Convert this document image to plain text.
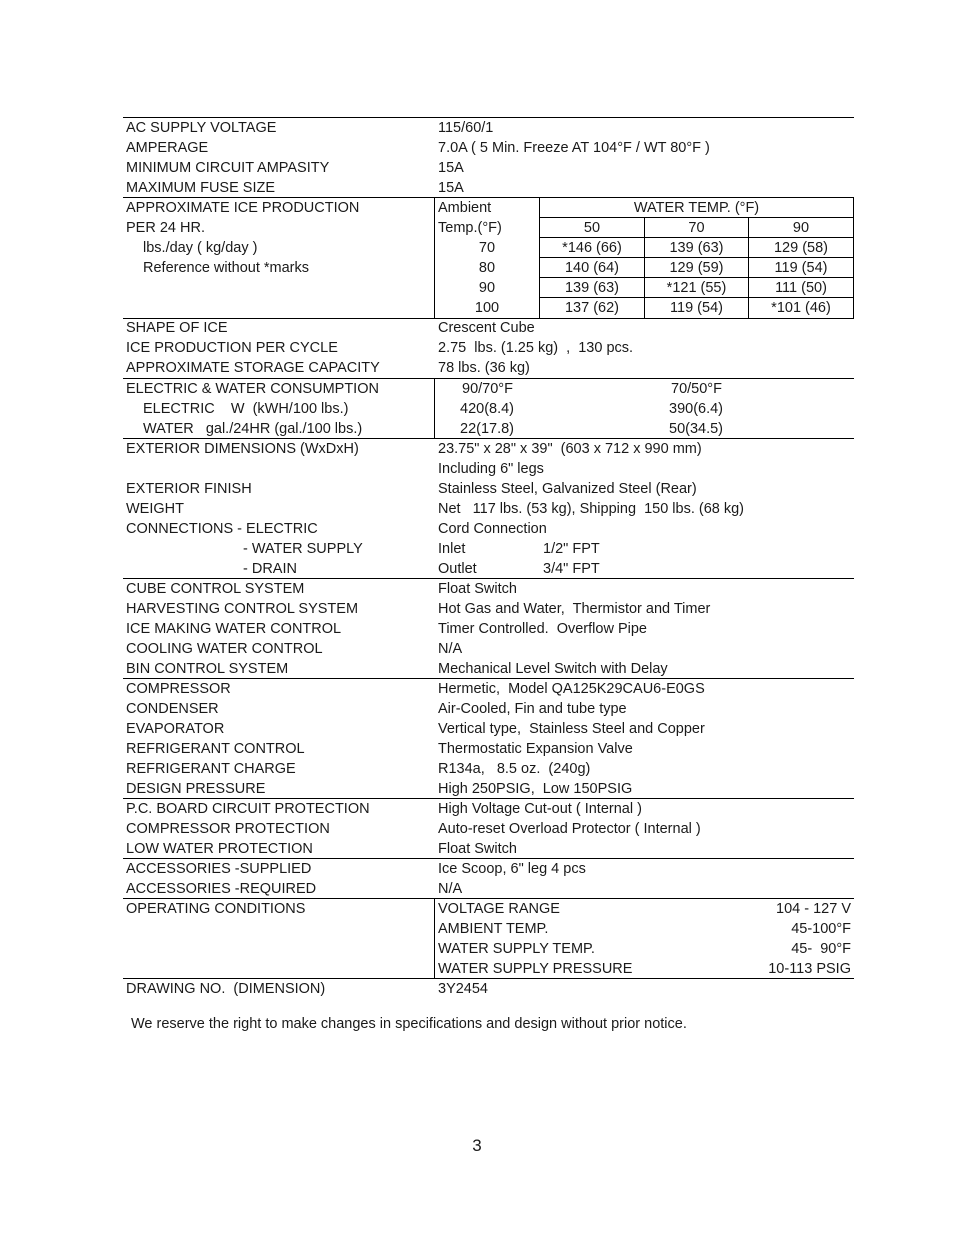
AC SUPPLY VOLTAGE	115/60/1
AMPERAGE	7.0A ( 5 Min. Freeze AT 104°F / WT 80°F )
MINIMUM CIRCUIT AMPASITY	15A
MAXIMUM FUSE SIZE	15A
APPROXIMATE ICE PRODUCTION
PER 24 HR.
lbs./day ( kg/day )
Reference without *marks
Ambient
Temp.(°F)
WATER TEMP. (°F)
50	70	90
70	*146 (66)	139 (63)	129 (58)
80	140 (64)	129 (59)	119 (54)
90	139 (63)	*121 (55)	111 (50)
100	137 (62)	119 (54)	*101 (46)
SHAPE OF ICE	Crescent Cube
ICE PRODUCTION PER CYCLE	2.75  lbs. (1.25 kg)  ,  130 pcs.
APPROXIMATE STORAGE CAPACITY	78 lbs. (36 kg)
ELECTRIC & WATER CONSUMPTION	90/70°F	70/50°F
ELECTRIC    W  (kWH/100 lbs.)	420(8.4)	390(6.4)
WATER   gal./24HR (gal./100 lbs.)	22(17.8)	50(34.5)
EXTERIOR DIMENSIONS (WxDxH)	23.75" x 28" x 39"  (603 x 712 x 990 mm)
Including 6" legs
EXTERIOR FINISH	Stainless Steel, Galvanized Steel (Rear)
WEIGHT	Net   117 lbs. (53 kg), Shipping  150 lbs. (68 kg)
CONNECTIONS - ELECTRIC	Cord Connection
- WATER SUPPLY	Inlet	1/2" FPT
- DRAIN	Outlet	3/4" FPT
CUBE CONTROL SYSTEM	Float Switch
HARVESTING CONTROL SYSTEM	Hot Gas and Water,  Thermistor and Timer
ICE MAKING WATER CONTROL	Timer Controlled.  Overflow Pipe
COOLING WATER CONTROL	N/A
BIN CONTROL SYSTEM	Mechanical Level Switch with Delay
COMPRESSOR	Hermetic,  Model QA125K29CAU6-E0GS
CONDENSER	Air-Cooled, Fin and tube type
EVAPORATOR	Vertical type,  Stainless Steel and Copper
REFRIGERANT CONTROL	Thermostatic Expansion Valve
REFRIGERANT CHARGE	R134a,   8.5 oz.  (240g)
DESIGN PRESSURE	High 250PSIG,  Low 150PSIG
P.C. BOARD CIRCUIT PROTECTION	High Voltage Cut-out ( Internal )
COMPRESSOR PROTECTION	Auto-reset Overload Protector ( Internal )
LOW WATER PROTECTION	Float Switch
ACCESSORIES -SUPPLIED	Ice Scoop, 6" leg 4 pcs
ACCESSORIES -REQUIRED	N/A
OPERATING CONDITIONS	VOLTAGE RANGE	104 - 127 V
AMBIENT TEMP.	45-100°F
WATER SUPPLY TEMP.	45-  90°F
WATER SUPPLY PRESSURE	10-113 PSIG
DRAWING NO.  (DIMENSION)	3Y2454
We reserve the right to make changes in specifications and design without prior notice.
3
